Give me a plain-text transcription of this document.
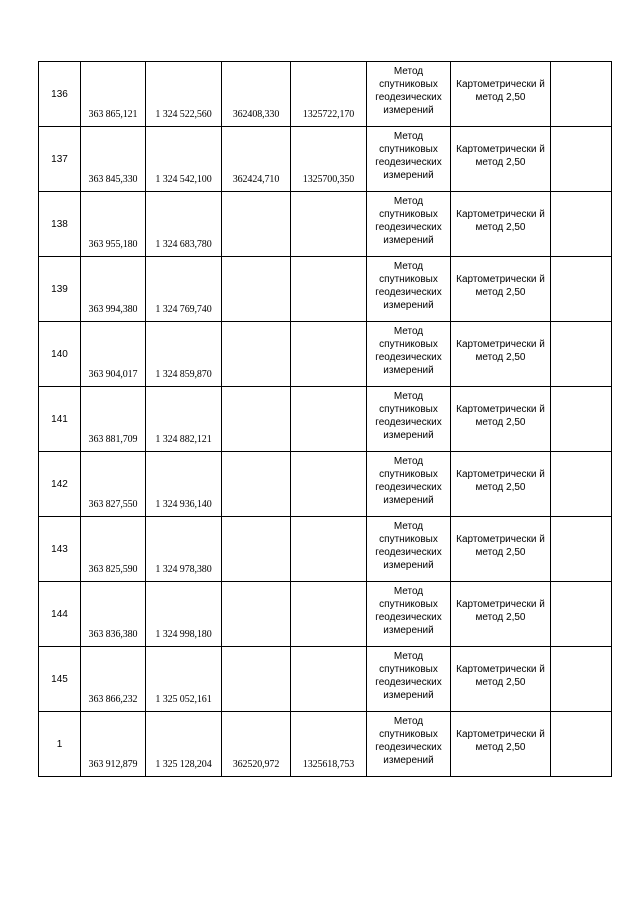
136	363 865,121	1 324 522,560	362408,330	1325722,170	Метод спутниковых геодезических измерений	Картометрически й метод 2,50	
137	363 845,330	1 324 542,100	362424,710	1325700,350	Метод спутниковых геодезических измерений	Картометрически й метод 2,50	
138	363 955,180	1 324 683,780			Метод спутниковых геодезических измерений	Картометрически й метод 2,50	
139	363 994,380	1 324 769,740			Метод спутниковых геодезических измерений	Картометрически й метод 2,50	
140	363 904,017	1 324 859,870			Метод спутниковых геодезических измерений	Картометрически й метод 2,50	
141	363 881,709	1 324 882,121			Метод спутниковых геодезических измерений	Картометрически й метод 2,50	
142	363 827,550	1 324 936,140			Метод спутниковых геодезических измерений	Картометрически й метод 2,50	
143	363 825,590	1 324 978,380			Метод спутниковых геодезических измерений	Картометрически й метод 2,50	
144	363 836,380	1 324 998,180			Метод спутниковых геодезических измерений	Картометрически й метод 2,50	
145	363 866,232	1 325 052,161			Метод спутниковых геодезических измерений	Картометрически й метод 2,50	
1	363 912,879	1 325 128,204	362520,972	1325618,753	Метод спутниковых геодезических измерений	Картометрически й метод 2,50	
